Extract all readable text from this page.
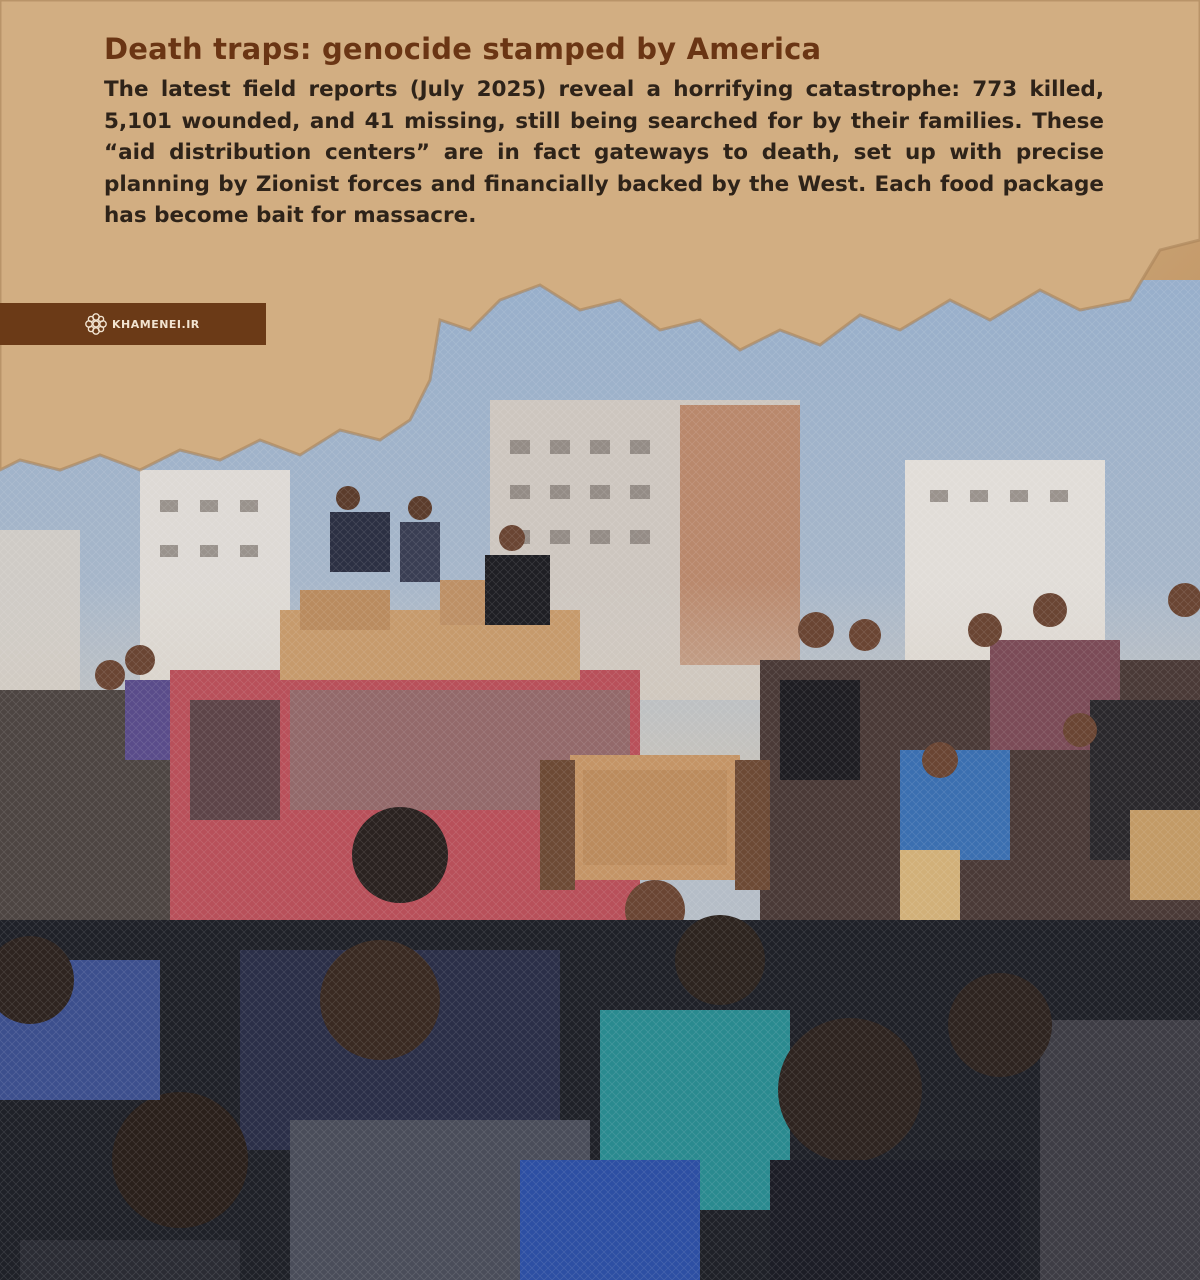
Death traps: genocide stamped by America

The latest field reports (July 2025) reveal a horrifying catastrophe: 773 killed, 5,101 wounded, and 41 missing, still being searched for by their families. These “aid distribution centers” are in fact gateways to death, set up with precise planning by Zionist forces and financially backed by the West. Each food package has become bait for massacre.

KHAMENEI.IR
